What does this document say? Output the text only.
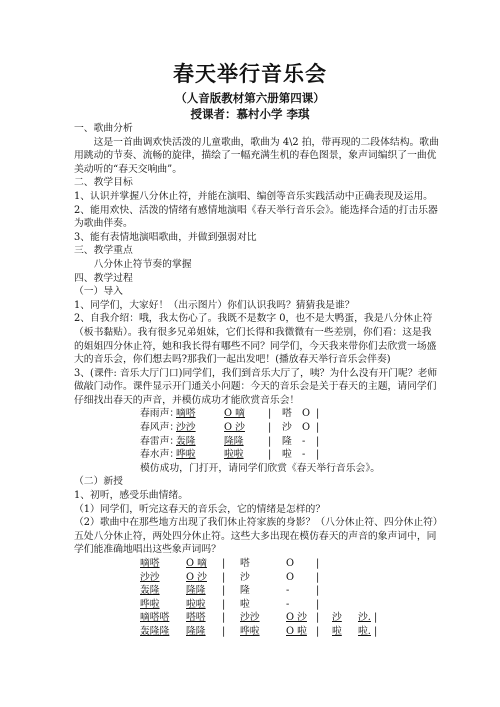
春天举行音乐会
（人音版教材第六册第四课）
授课者：慕村小学 李琪

一、歌曲分析

这是一首曲调欢快活泼的儿童歌曲，歌曲为 4\2 拍，带再现的二段体结构。歌曲用跳动的节奏、流畅的旋律，描绘了一幅充满生机的春色图景，象声词编织了一曲优美动听的“春天交响曲”。

二、教学目标

1、认识并掌握八分休止符，并能在演唱、编创等音乐实践活动中正确表现及运用。

2、能用欢快、活泼的情绪有感情地演唱《春天举行音乐会》。能选择合适的打击乐器为歌曲伴奏。

3、能有表情地演唱歌曲，并做到强弱对比

三、教学重点

八分休止符节奏的掌握

四、教学过程

（一）导入

1、同学们，大家好！（出示图片）你们认识我吗？猜猜我是谁？

2、自我介绍：哦，我太伤心了。我既不是数字 0，也不是大鸭蛋，我是八分休止符（板书黏贴）。我有很多兄弟姐妹，它们长得和我微微有一些差别，你们看：这是我的姐姐四分休止符，她和我长得有哪些不同？同学们，今天我来带你们去欣赏一场盛大的音乐会，你们想去吗?那我们一起出发吧！(播放春天举行音乐会伴奏)

3、(课件: 音乐大厅门口)同学们，我们到音乐大厅了，咦？为什么没有开门呢？老师做敲门动作。课件显示开门通关小问题：今天的音乐会是关于春天的主题，请同学们仔细找出春天的声音，并模仿成功才能欣赏音乐会！

春雨声：
嘀嗒	O 嘀	|	嗒	O |
春风声：
沙沙	O 沙	|	沙	O |
春雷声：
轰隆	隆隆	|	隆	-	|
春水声：
哗啦	啦啦	|	啦	-	|

模仿成功，门打开，请同学们欣赏《春天举行音乐会》。

（二）新授

1、初听，感受乐曲情绪。

（1）同学们，听完这春天的音乐会，它的情绪是怎样的？

（2）歌曲中在那些地方出现了我们休止符家族的身影？（八分休止符、四分休止符）五处八分休止符，两处四分休止符。这些大多出现在模仿春天的声音的象声词中，同学们能准确地唱出这些象声词吗？

嘀嗒	O 嘀	|	嗒	O	|
沙沙	O 沙	|	沙	O	|
轰隆	隆隆	|	隆	-	|
哗啦	啦啦	|	啦	-	|
嘀嗒嗒	嗒嗒	|	沙沙	O 沙 |	沙	沙. |
轰隆隆	隆隆	|	哗啦	O 啦 |	啦	啦. |
